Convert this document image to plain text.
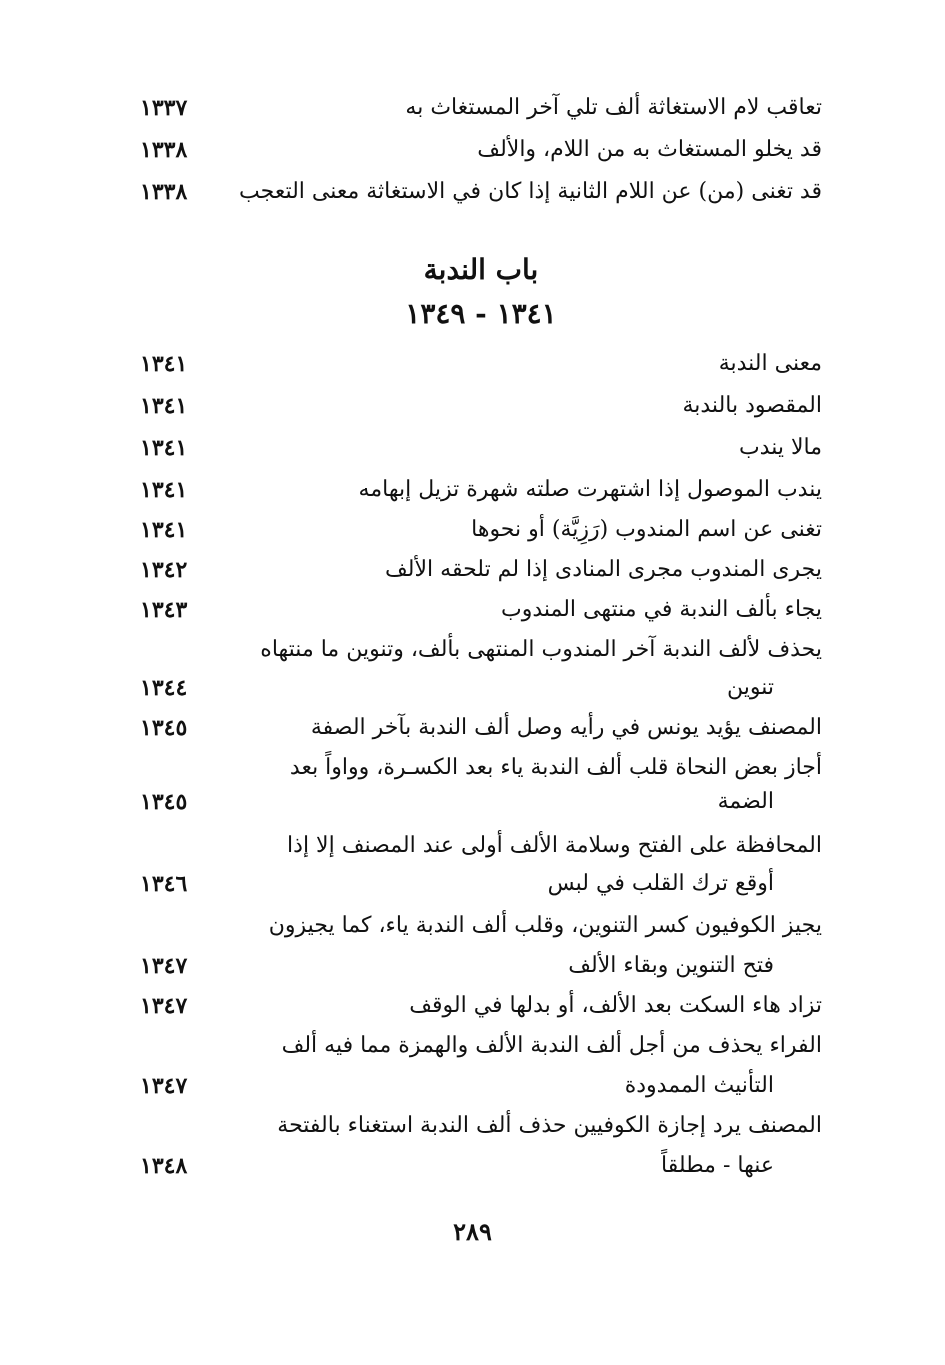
تعاقب لام الاستغاثة ألف تلي آخر المستغاث به
١٣٣٧
قد يخلو المستغاث به من اللام، والألف
١٣٣٨
قد تغنى (من) عن اللام الثانية إذا كان في الاستغاثة معنى التعجب
١٣٣٨
باب الندبة
١٣٤١ - ١٣٤٩
معنى الندبة
١٣٤١
المقصود بالندبة
١٣٤١
مالا يندب
١٣٤١
يندب الموصول إذا اشتهرت صلته شهرة تزيل إبهامه
١٣٤١
تغنى عن اسم المندوب (رَزِيَّة) أو نحوها
١٣٤١
يجرى المندوب مجرى المنادى إذا لم تلحقه الألف
١٣٤٢
يجاء بألف الندبة في منتهى المندوب
١٣٤٣
يحذف لألف الندبة آخر المندوب المنتهى بألف، وتنوين ما منتهاه
تنوين
١٣٤٤
المصنف يؤيد يونس في رأيه وصل ألف الندبة بآخر الصفة
١٣٤٥
أجاز بعض النحاة قلب ألف الندبة ياء بعد الكسـرة، وواواً بعد
الضمة
١٣٤٥
المحافظة على الفتح وسلامة الألف أولى عند المصنف إلا إذا
أوقع ترك القلب في لبس
١٣٤٦
يجيز الكوفيون كسر التنوين، وقلب ألف الندبة ياء، كما يجيزون
فتح التنوين وبقاء الألف
١٣٤٧
تزاد هاء السكت بعد الألف، أو بدلها في الوقف
١٣٤٧
الفراء يحذف من أجل ألف الندبة الألف والهمزة مما فيه ألف
التأنيث الممدودة
١٣٤٧
المصنف يرد إجازة الكوفيين حذف ألف الندبة استغناء بالفتحة
عنها - مطلقاً
١٣٤٨
٢٨٩
